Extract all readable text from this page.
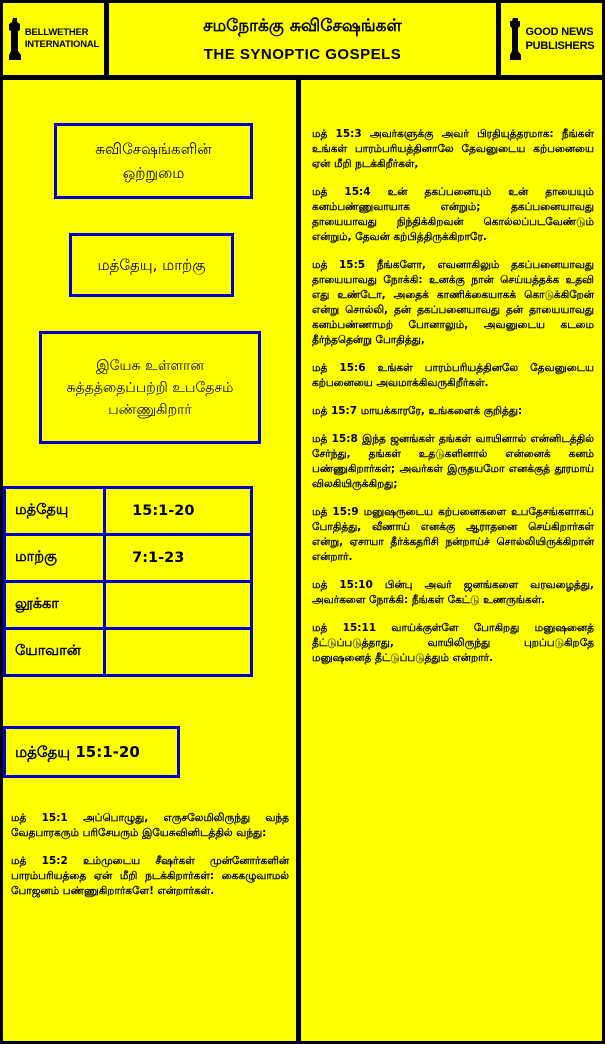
BELLWETHER
INTERNATIONAL
சமநோக்கு சுவிசேஷங்கள்
THE SYNOPTIC GOSPELS
GOOD NEWS
PUBLISHERS
சுவிசேஷங்களின் ஒற்றுமை
மத்தேயு, மாற்கு
இயேசு உள்ளான சுத்தத்தைப்பற்றி உபதேசம் பண்ணுகிறார்
மத்தேயு	15:1-20
மாற்கு	7:1-23
லூக்கா
யோவான்
மத்தேயு 15:1-20

மத் 15:1 அப்பொழுது, எருசலேமிலிருந்து வந்த வேதபாரகரும் பரிசேயரும் இயேசுவினிடத்தில் வந்து:

மத் 15:2 உம்முடைய சீஷர்கள் முன்னோர்களின் பாரம்பரியத்தை ஏன் மீறி நடக்கிறார்கள்: கைகழுவாமல் போஜனம் பண்ணுகிறார்களே! என்றார்கள்.

மத் 15:3 அவர்களுக்கு அவர் பிரதியுத்தரமாக: நீங்கள் உங்கள் பாரம்பரியத்தினாலே தேவனுடைய கற்பனையை ஏன் மீறி நடக்கிறீர்கள்,

மத் 15:4 உன் தகப்பனையும் உன் தாயையும் கனம்பண்ணுவாயாக என்றும்; தகப்பனையாவது தாயையாவது நிந்திக்கிறவன் கொல்லப்படவேண்டும் என்றும், தேவன் கற்பித்திருக்கிறாரே.

மத் 15:5 நீங்களோ, எவனாகிலும் தகப்பனையாவது தாயையாவது நோக்கி: உனக்கு நான் செய்யத்தக்க உதவி எது உண்டோ, அதைக் காணிக்கையாகக் கொடுக்கிறேன் என்று சொல்லி, தன் தகப்பனையாவது தன் தாயையாவது கனம்பண்ணாமற் போனாலும், அவனுடைய கடமை தீர்ந்ததென்று போதித்து,

மத் 15:6 உங்கள் பாரம்பரியத்தினலே தேவனுடைய கற்பனையை அவமாக்கிவருகிறீர்கள்.

மத் 15:7 மாயக்காரரே, உங்களைக் குறித்து:

மத் 15:8 இந்த ஜனங்கள் தங்கள் வாயினால் என்னிடத்தில் சேர்ந்து, தங்கள் உதடுகளினால் என்னைக் கனம் பண்ணுகிறார்கள்; அவர்கள் இருதயமோ எனக்குத் தூரமாய் விலகியிருக்கிறது;

மத் 15:9 மனுஷருடைய கற்பனைகளை உபதேசங்களாகப் போதித்து, வீணாய் எனக்கு ஆராதனை செய்கிறார்கள் என்று, ஏசாயா தீர்க்கதரிசி நன்றாய்ச் சொல்லியிருக்கிறான் என்றார்.

மத் 15:10 பின்பு அவர் ஜனங்களை வரவழைத்து, அவர்களை நோக்கி: நீங்கள் கேட்டு உணருங்கள்.

மத் 15:11 வாய்க்குள்ளே போகிறது மனுஷனைத் தீட்டுப்படுத்தாது, வாயிலிருந்து புறப்படுகிறதே மனுஷனைத் தீட்டுப்படுத்தும் என்றார்.
